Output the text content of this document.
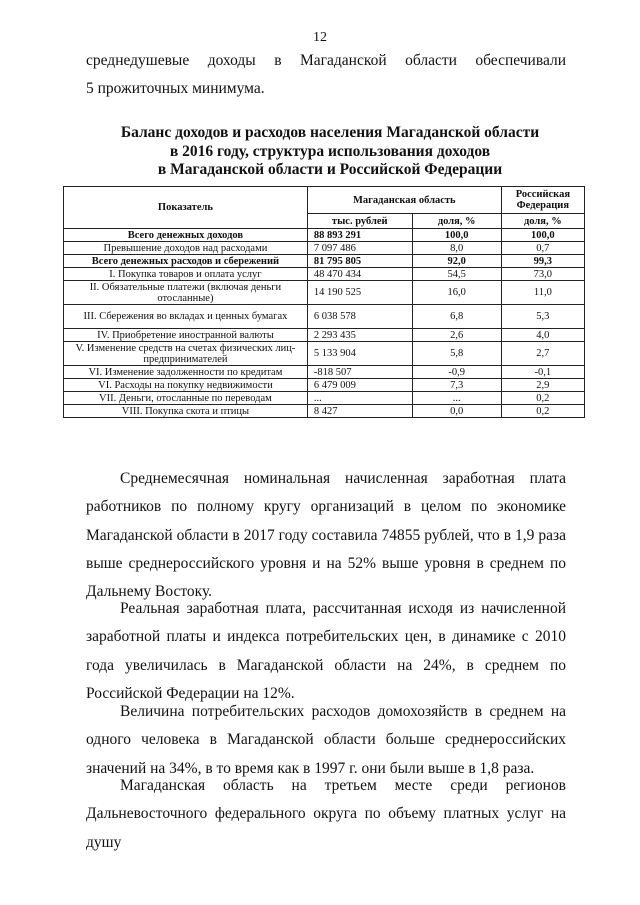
12
среднедушевые доходы в Магаданской области обеспечивали
5 прожиточных минимума.
Баланс доходов и расходов населения Магаданской области
в 2016 году, структура использования доходов
в Магаданской области и Российской Федерации
Показатель	Магаданская область		Российская Федерация
	тыс. рублей	доля, %	доля, %
Всего денежных доходов	88 893 291	100,0	100,0
Превышение доходов над расходами	7 097 486	8,0	0,7
Всего денежных расходов и сбережений	81 795 805	92,0	99,3
I. Покупка товаров и оплата услуг	48 470 434	54,5	73,0
II. Обязательные платежи (включая деньги отосланные)	14 190 525	16,0	11,0
III. Сбережения во вкладах и ценных бумагах	6 038 578	6,8	5,3
IV. Приобретение иностранной валюты	2 293 435	2,6	4,0
V. Изменение средств на счетах физических лиц-предпринимателей	5 133 904	5,8	2,7
VI. Изменение задолженности по кредитам	-818 507	-0,9	-0,1
VI. Расходы на покупку недвижимости	6 479 009	7,3	2,9
VII. Деньги, отосланные по переводам	...	...	0,2
VIII. Покупка скота и птицы	8 427	0,0	0,2
Среднемесячная номинальная начисленная заработная плата работников по полному кругу организаций в целом по экономике Магаданской области в 2017 году составила 74855 рублей, что в 1,9 раза выше среднероссийского уровня и на 52% выше уровня в среднем по Дальнему Востоку.
Реальная заработная плата, рассчитанная исходя из начисленной заработной платы и индекса потребительских цен, в динамике с 2010 года увеличилась в Магаданской области на 24%, в среднем по Российской Федерации на 12%.
Величина потребительских расходов домохозяйств в среднем на одного человека в Магаданской области больше среднероссийских значений на 34%, в то время как в 1997 г. они были выше в 1,8 раза.
Магаданская область на третьем месте среди регионов Дальневосточного федерального округа по объему платных услуг на душу
